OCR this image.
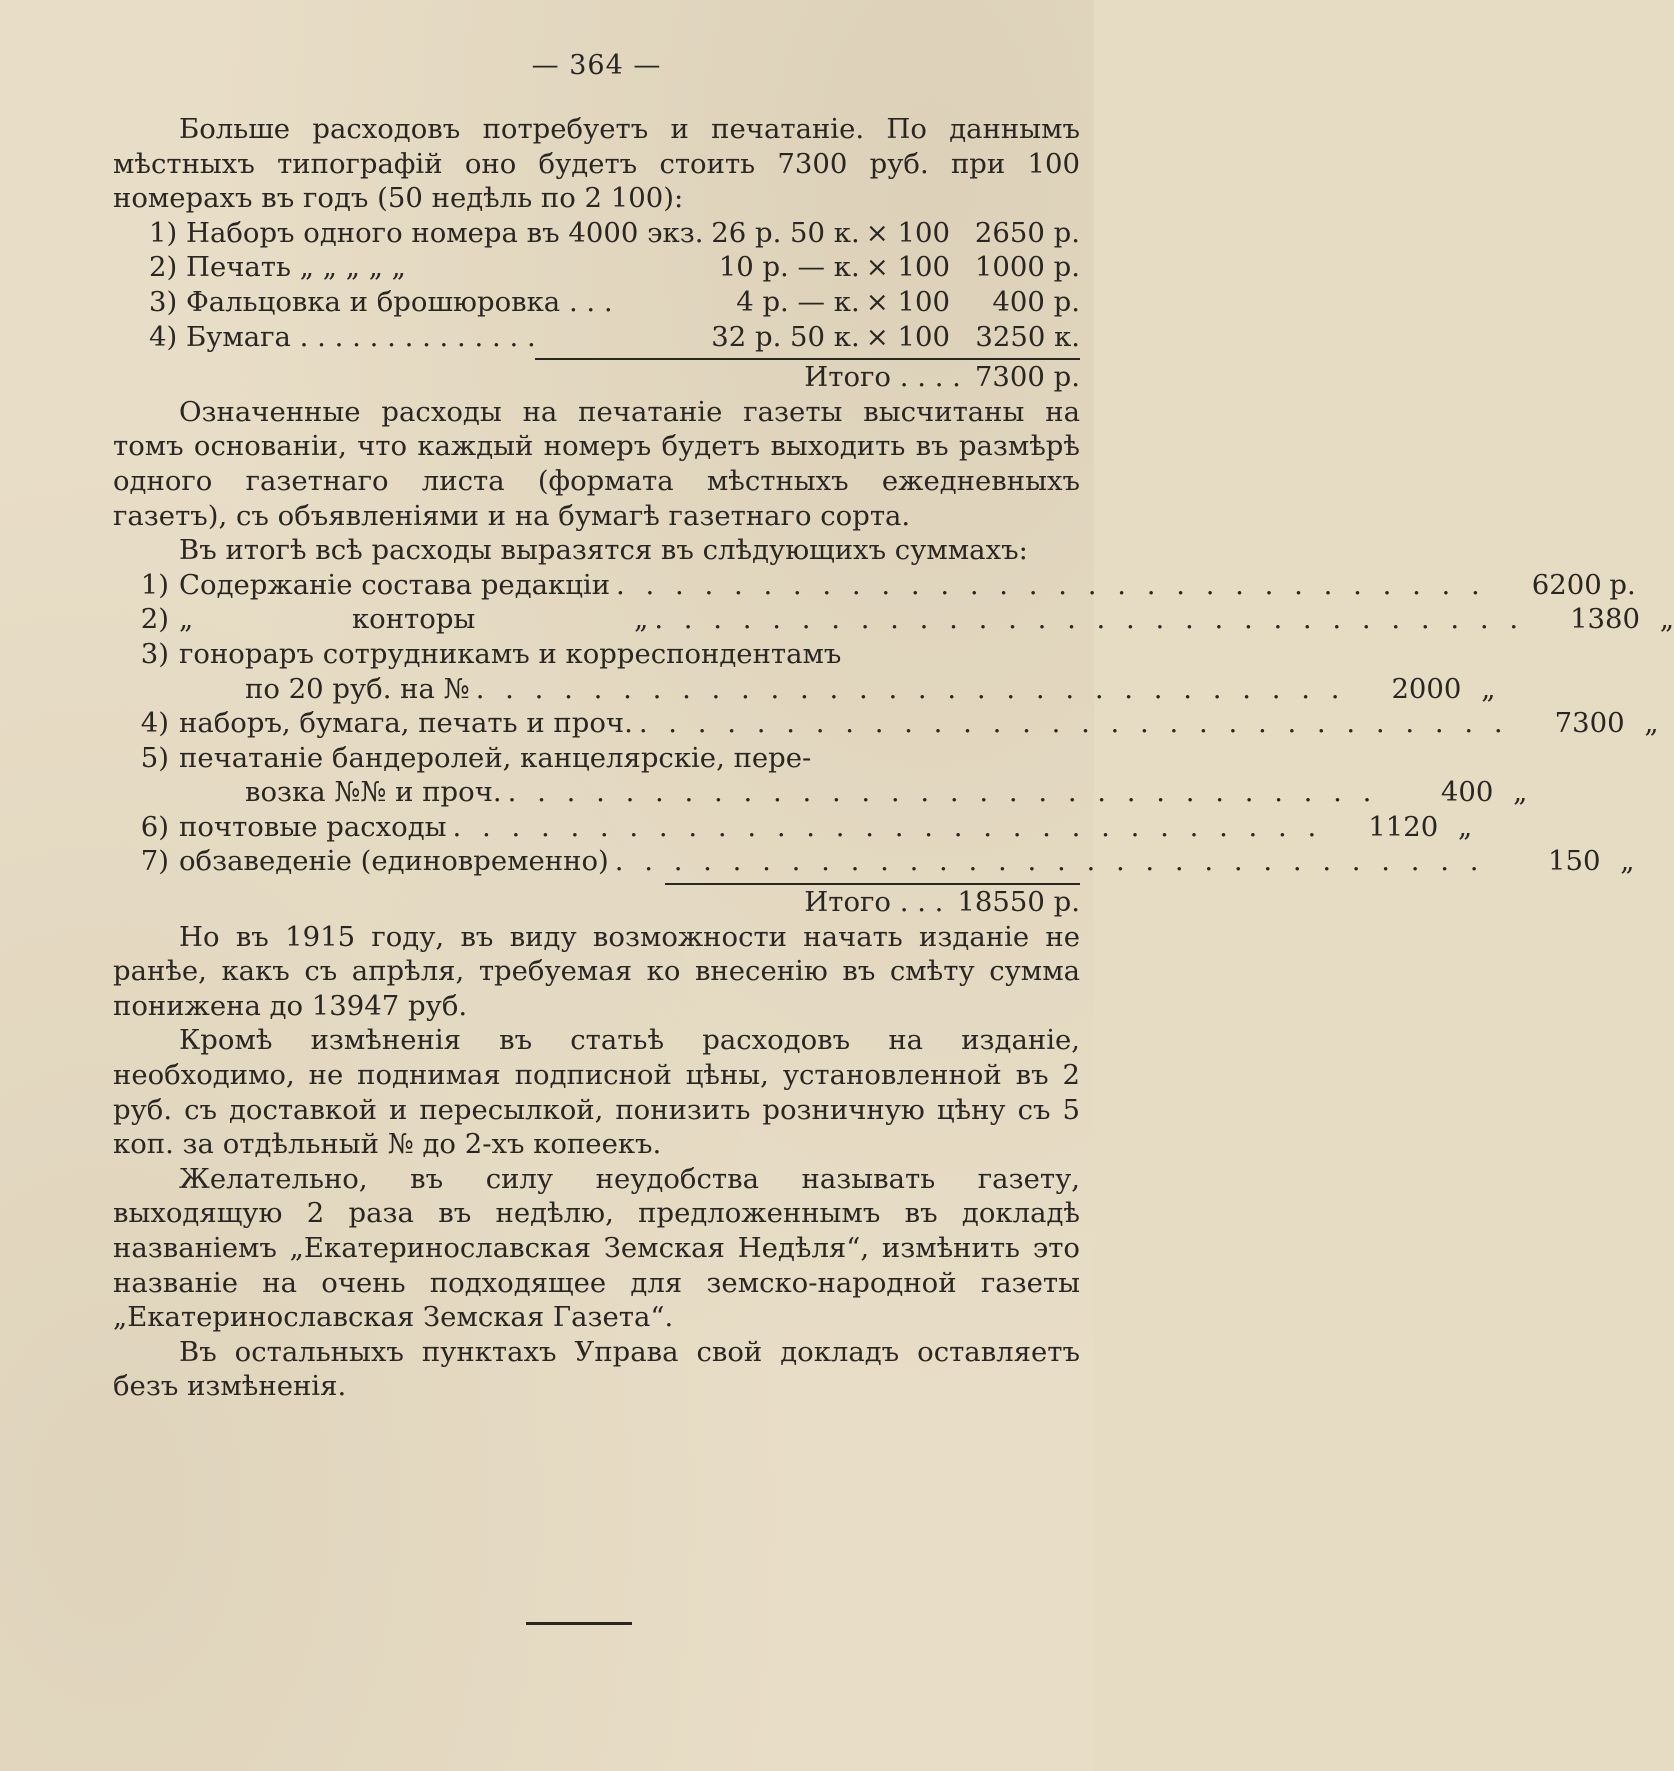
— 364 —

Больше расходовъ потребуетъ и печатаніе. По даннымъ мѣстныхъ типографій оно будетъ стоить 7300 руб. при 100 номерахъ въ годъ (50 недѣль по 2 100):

1) Наборъ одного номера въ 4000 экз. 26 р. 50 к. × 100 2650 р.
2) Печать „ „ „ „ „	10 р. — к. × 100 1000 р.
3) Фальцовка и брошюровка . . .	4 р. — к. × 100	400 р.
4) Бумага . . . . . . . . . . . . . .	32 р. 50 к. × 100 3250 к.
Итого . . . . 7300 р.

Означенные расходы на печатаніе газеты высчитаны на томъ основаніи, что каждый номеръ будетъ выходить въ размѣрѣ одного газетнаго листа (формата мѣстныхъ ежедневныхъ газетъ), съ объявленіями и на бумагѣ газетнаго сорта.

Въ итогѣ всѣ расходы выразятся въ слѣдующихъ суммахъ:

1) Содержаніе состава редакціи . . . . . . . . . . . . . . . . . . . . . . . . . . . . . .	6200 р.
2) „ конторы „ . . . . . . . . . . . . . . . . . . . . . . . . . . . . . .	1380 „
3) гонораръ сотрудникамъ и корреспондентамъ
по 20 руб. на № . . . . . . . . . . . . . . . . . . . . . . . . . . . . . .	2000 „
4) наборъ, бумага, печать и проч. . . . . . . . . . . . . . . . . . . . . . . . . . . . . . .	7300 „
5) печатаніе бандеролей, канцелярскіе, пере-
возка №№ и проч. . . . . . . . . . . . . . . . . . . . . . . . . . . . . . .	400 „
6) почтовые расходы . . . . . . . . . . . . . . . . . . . . . . . . . . . . . .	1120 „
7) обзаведеніе (единовременно) . . . . . . . . . . . . . . . . . . . . . . . . . . . . . .	150 „
Итого . . . 18550 р.

Но въ 1915 году, въ виду возможности начать изданіе не ранѣе, какъ съ апрѣля, требуемая ко внесенію въ смѣту сумма понижена до 13947 руб.

Кромѣ измѣненія въ статьѣ расходовъ на изданіе, необходимо, не поднимая подписной цѣны, установленной въ 2 руб. съ доставкой и пересылкой, понизить розничную цѣну съ 5 коп. за отдѣльный № до 2-хъ копеекъ.

Желательно, въ силу неудобства называть газету, выходящую 2 раза въ недѣлю, предложеннымъ въ докладѣ названіемъ „Екатеринославская Земская Недѣля“, измѣнить это названіе на очень подходящее для земско-народной газеты „Екатеринославская Земская Газета“.

Въ остальныхъ пунктахъ Управа свой докладъ оставляетъ безъ измѣненія.
